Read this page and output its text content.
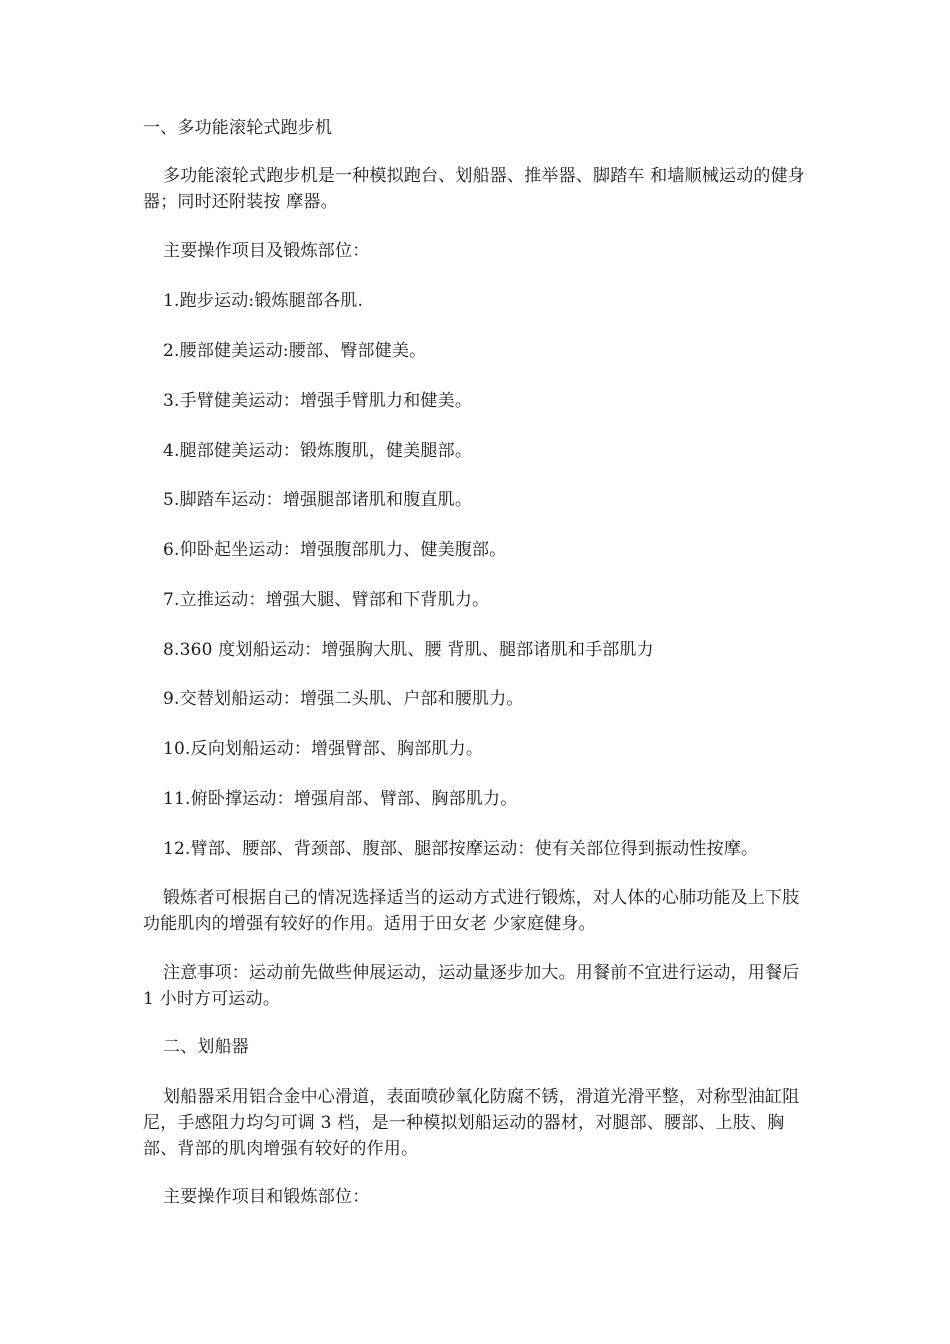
一、多功能滚轮式跑步机

多功能滚轮式跑步机是一种模拟跑台、划船器、推举器、脚踏车 和墙顺械运动的健身器；同时还附装按 摩器。

主要操作项目及锻炼部位：

1.跑步运动:锻炼腿部各肌.

2.腰部健美运动:腰部、臀部健美。

3.手臂健美运动：增强手臂肌力和健美。

4.腿部健美运动：锻炼腹肌，健美腿部。

5.脚踏车运动：增强腿部诸肌和腹直肌。

6.仰卧起坐运动：增强腹部肌力、健美腹部。

7.立推运动：增强大腿、臂部和下背肌力。

8.360 度划船运动：增强胸大肌、腰 背肌、腿部诸肌和手部肌力

9.交替划船运动：增强二头肌、户部和腰肌力。

10.反向划船运动：增强臂部、胸部肌力。

11.俯卧撑运动：增强肩部、臂部、胸部肌力。

12.臂部、腰部、背颈部、腹部、腿部按摩运动：使有关部位得到振动性按摩。

锻炼者可根据自己的情况选择适当的运动方式进行锻炼，对人体的心肺功能及上下肢功能肌肉的增强有较好的作用。适用于田女老 少家庭健身。

注意事项：运动前先做些伸展运动，运动量逐步加大。用餐前不宜进行运动，用餐后 1 小时方可运动。

二、划船器

划船器采用铝合金中心滑道，表面喷砂氧化防腐不锈，滑道光滑平整，对称型油缸阻尼，手感阻力均匀可调 3 档，是一种模拟划船运动的器材，对腿部、腰部、上肢、胸部、背部的肌肉增强有较好的作用。

主要操作项目和锻炼部位：
